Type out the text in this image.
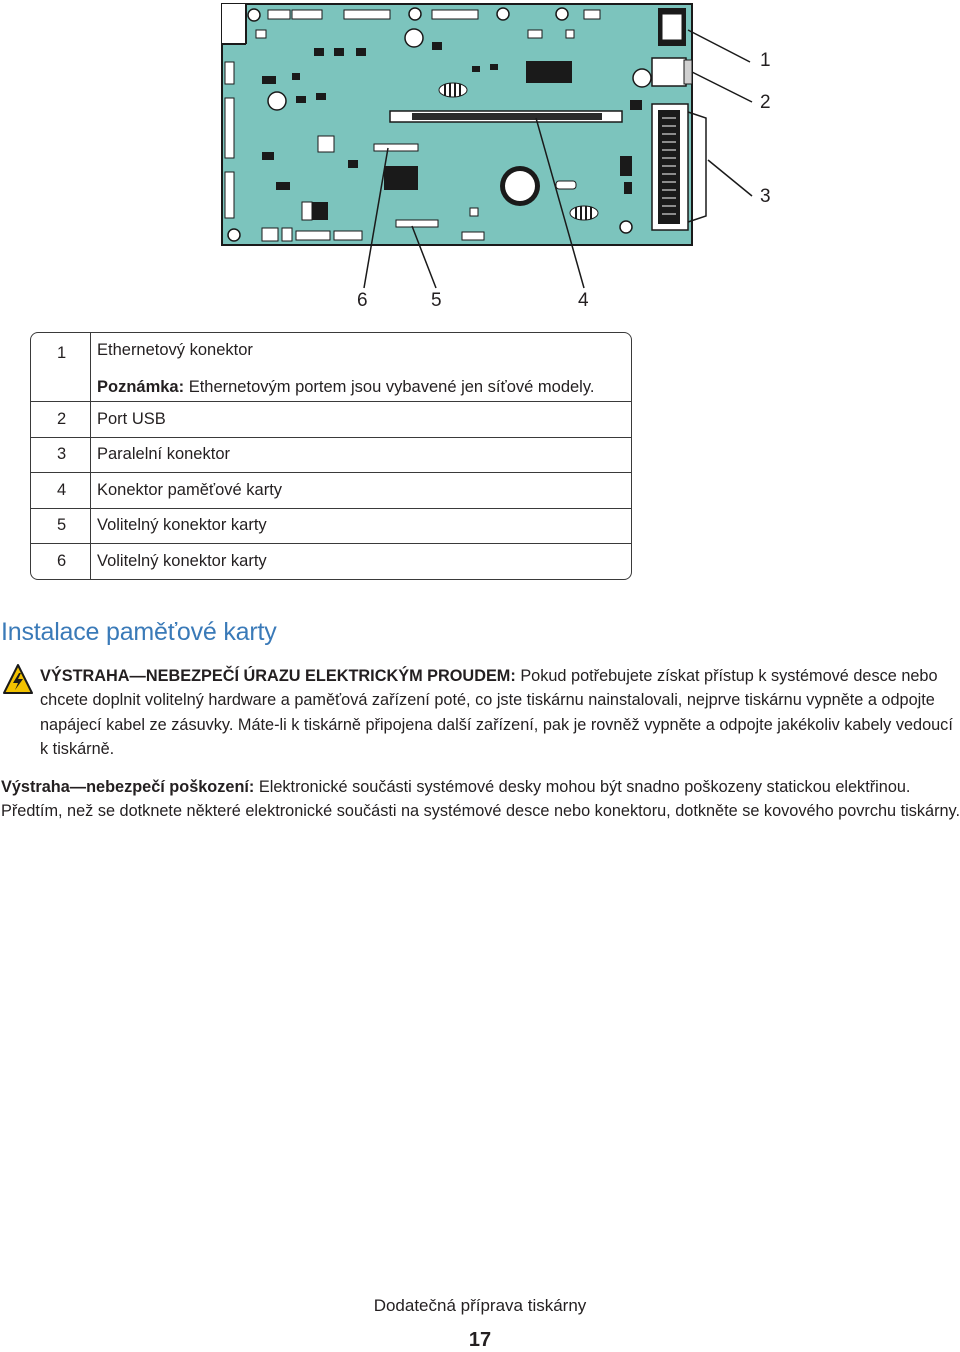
1
2
3
4
5
6
1	Ethernetový konektor
Poznámka: Ethernetovým portem jsou vybavené jen síťové modely.

2	Port USB
3	Paralelní konektor
4	Konektor paměťové karty
5	Volitelný konektor karty
6	Volitelný konektor karty
Instalace paměťové karty
VÝSTRAHA—NEBEZPEČÍ ÚRAZU ELEKTRICKÝM PROUDEM: Pokud potřebujete získat přístup k systémové desce nebo chcete doplnit volitelný hardware a paměťová zařízení poté, co jste tiskárnu nainstalovali, nejprve tiskárnu vypněte a odpojte napájecí kabel ze zásuvky. Máte-li k tiskárně připojena další zařízení, pak je rovněž vypněte a odpojte jakékoliv kabely vedoucí k tiskárně.
Výstraha—nebezpečí poškození: Elektronické součásti systémové desky mohou být snadno poškozeny statickou elektřinou. Předtím, než se dotknete některé elektronické součásti na systémové desce nebo konektoru, dotkněte se kovového povrchu tiskárny.
Dodatečná příprava tiskárny
17
